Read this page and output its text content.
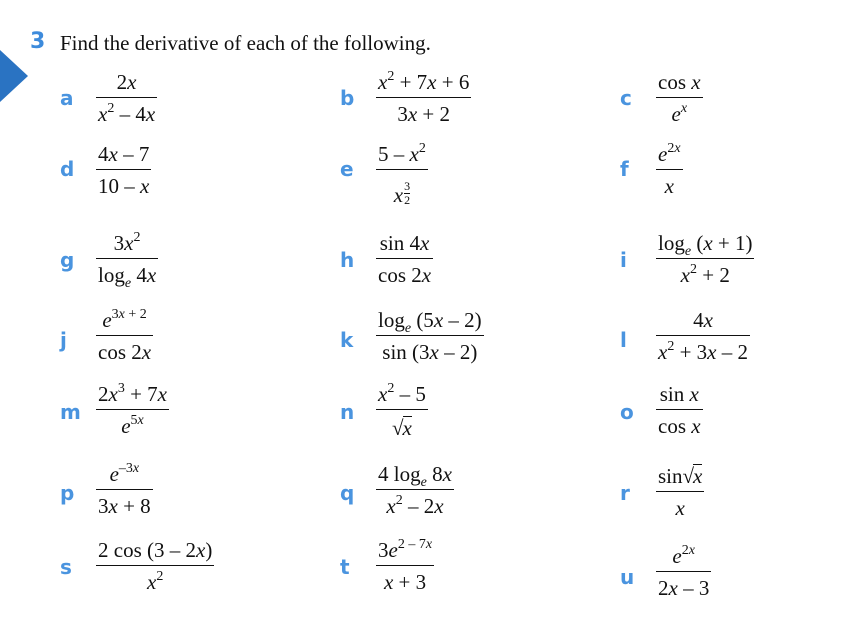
3 Find the derivative of each of the following.
a
2x
$x^2 - 4x$
b
$x^2 + 7x + 6$
3x + 2
c
cos x
$e^x$
d
4x – 7
10 – x
e
$5 - x^2$
x $\frac{3}{2}$
f
$e^{2x}$
x
g
$3x^2$
$\log_e 4x$
h
sin 4x
cos 2x
i
$\log_e (x + 1)$
$x^2 + 2$
j
$e^{3x + 2}$
cos 2x	k
$\log_e (5x - 2)$
sin (3x – 2)	l
4x
$x^2 + 3x - 2$
m
$2x^3 + 7x$
$e^{5x}$	n
$x^2 - 5$
√x
o
sin x
cos x
p
$e^{-3x}$
3x + 8
q
4 $\log_e 8x$
$x^2 - 2x$
r
sin√x
x
s
2 cos (3 – 2x)
$x^2$	t
$3e^{2 - 7x}$
x + 3	u
$e^{2x}$
2x – 3
